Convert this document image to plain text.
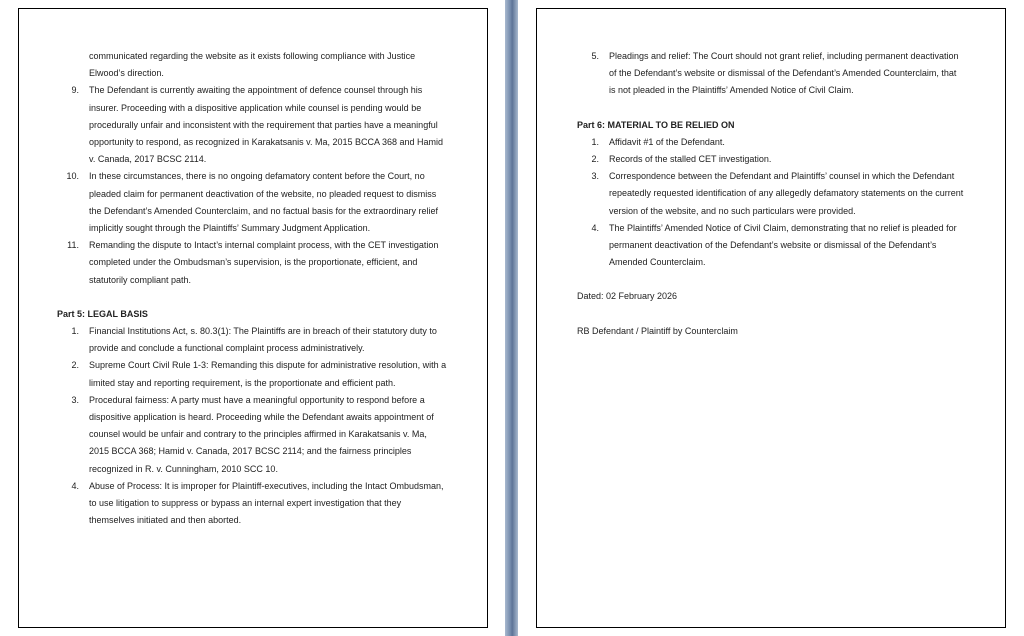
communicated regarding the website as it exists following compliance with Justice Elwood’s direction.
9. The Defendant is currently awaiting the appointment of defence counsel through his insurer. Proceeding with a dispositive application while counsel is pending would be procedurally unfair and inconsistent with the requirement that parties have a meaningful opportunity to respond, as recognized in Karakatsanis v. Ma, 2015 BCCA 368 and Hamid v. Canada, 2017 BCSC 2114.
10. In these circumstances, there is no ongoing defamatory content before the Court, no pleaded claim for permanent deactivation of the website, no pleaded request to dismiss the Defendant’s Amended Counterclaim, and no factual basis for the extraordinary relief implicitly sought through the Plaintiffs’ Summary Judgment Application.
11. Remanding the dispute to Intact’s internal complaint process, with the CET investigation completed under the Ombudsman’s supervision, is the proportionate, efficient, and statutorily compliant path.
Part 5: LEGAL BASIS
1. Financial Institutions Act, s. 80.3(1): The Plaintiffs are in breach of their statutory duty to provide and conclude a functional complaint process administratively.
2. Supreme Court Civil Rule 1-3: Remanding this dispute for administrative resolution, with a limited stay and reporting requirement, is the proportionate and efficient path.
3. Procedural fairness: A party must have a meaningful opportunity to respond before a dispositive application is heard. Proceeding while the Defendant awaits appointment of counsel would be unfair and contrary to the principles affirmed in Karakatsanis v. Ma, 2015 BCCA 368; Hamid v. Canada, 2017 BCSC 2114; and the fairness principles recognized in R. v. Cunningham, 2010 SCC 10.
4. Abuse of Process: It is improper for Plaintiff-executives, including the Intact Ombudsman, to use litigation to suppress or bypass an internal expert investigation that they themselves initiated and then aborted.
5. Pleadings and relief: The Court should not grant relief, including permanent deactivation of the Defendant’s website or dismissal of the Defendant’s Amended Counterclaim, that is not pleaded in the Plaintiffs’ Amended Notice of Civil Claim.
Part 6: MATERIAL TO BE RELIED ON
1. Affidavit #1 of the Defendant.
2. Records of the stalled CET investigation.
3. Correspondence between the Defendant and Plaintiffs’ counsel in which the Defendant repeatedly requested identification of any allegedly defamatory statements on the current version of the website, and no such particulars were provided.
4. The Plaintiffs’ Amended Notice of Civil Claim, demonstrating that no relief is pleaded for permanent deactivation of the Defendant’s website or dismissal of the Defendant’s Amended Counterclaim.
Dated: 02 February 2026
RB Defendant / Plaintiff by Counterclaim
